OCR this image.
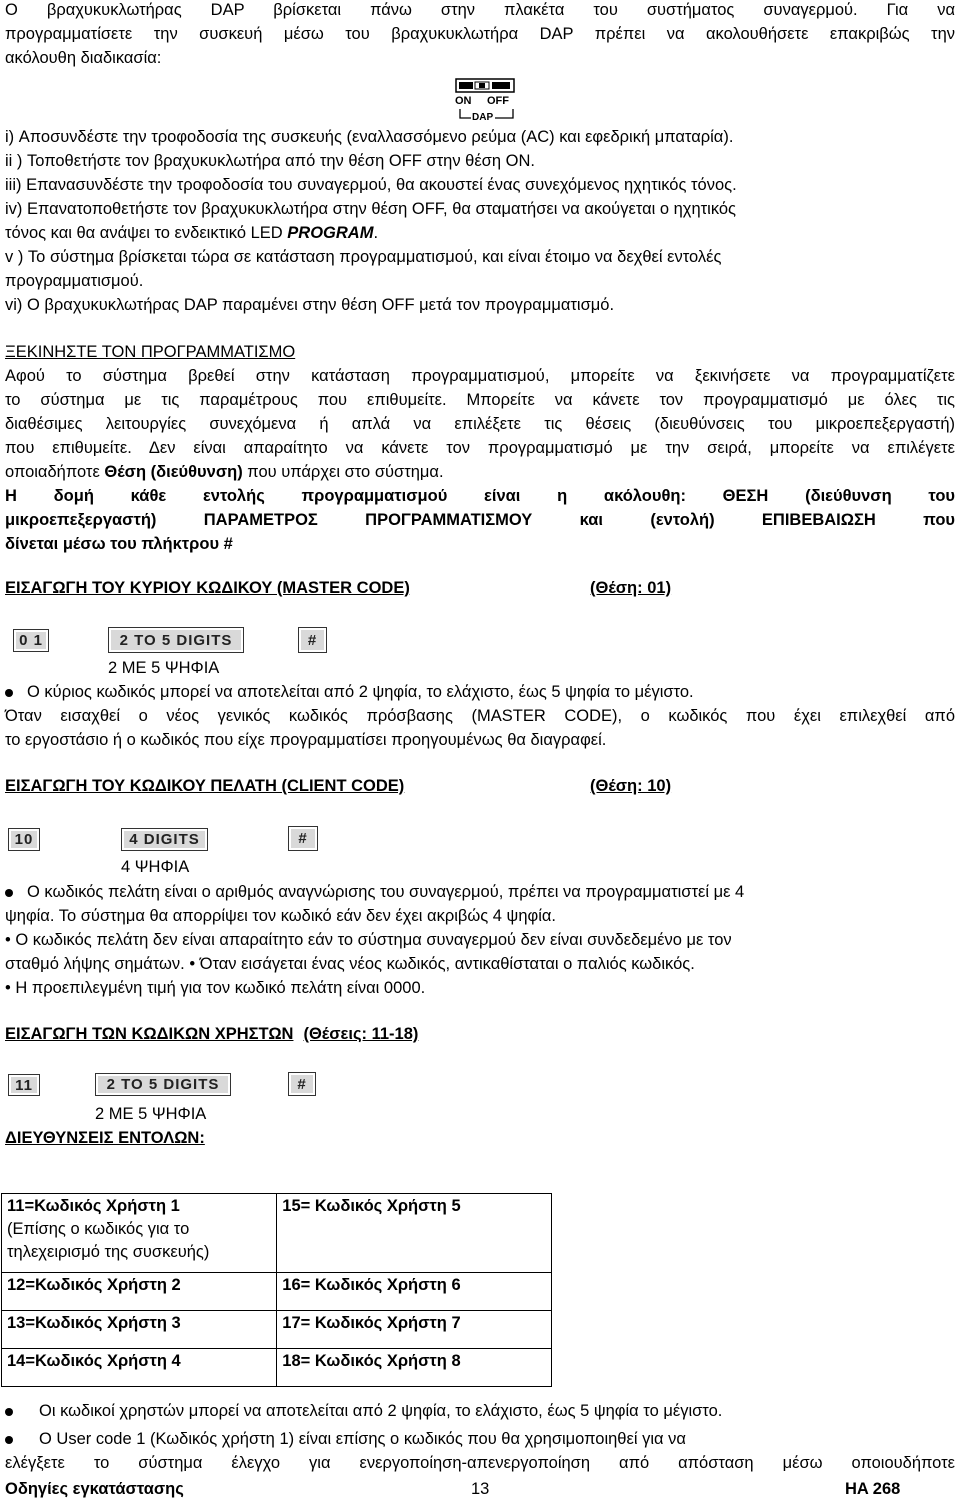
Ο βραχυκυκλωτήρας DAP βρίσκεται πάνω στην πλακέτα του συστήματος συναγερμού. Για να
προγραμματίσετε την συσκευή μέσω του βραχυκυκλωτήρα DAP πρέπει να ακολουθήσετε επακριβώς την
ακόλουθη διαδικασία:
ON OFF
DAP
i) Αποσυνδέστε την τροφοδοσία της συσκευής (εναλλασσόμενο ρεύμα (AC) και εφεδρική μπαταρία).
ii ) Τοποθετήστε τον βραχυκυκλωτήρα από την θέση OFF στην θέση ON.
iii) Επανασυνδέστε την τροφοδοσία του συναγερμού, θα ακουστεί ένας συνεχόμενος ηχητικός τόνος.
iv) Επανατοποθετήστε τον βραχυκυκλωτήρα στην θέση OFF, θα σταματήσει να ακούγεται ο ηχητικός
τόνος και θα ανάψει το ενδεικτικό LED PROGRAM.
v ) Το σύστημα βρίσκεται τώρα σε κατάσταση προγραμματισμού, και είναι έτοιμο να δεχθεί εντολές
προγραμματισμού.
vi) Ο βραχυκυκλωτήρας DAP παραμένει στην θέση OFF μετά τον προγραμματισμό.
ΞΕΚΙΝΗΣΤΕ ΤΟΝ ΠΡΟΓΡΑΜΜΑΤΙΣΜΟ
Αφού το σύστημα βρεθεί στην κατάσταση προγραμματισμού, μπορείτε να ξεκινήσετε να προγραμματίζετε
το σύστημα με τις παραμέτρους που επιθυμείτε. Μπορείτε να κάνετε τον προγραμματισμό με όλες τις
διαθέσιμες λειτουργίες συνεχόμενα ή απλά να επιλέξετε τις θέσεις (διευθύνσεις του μικροεπεξεργαστή)
που επιθυμείτε. Δεν είναι απαραίτητο να κάνετε τον προγραμματισμό με την σειρά, μπορείτε να επιλέγετε
οποιαδήποτε Θέση (διεύθυνση) που υπάρχει στο σύστημα.
Η δομή κάθε εντολής προγραμματισμού είναι η ακόλουθη: ΘΕΣΗ (διεύθυνση του
μικροεπεξεργαστή) ΠΑΡΑΜΕΤΡΟΣ ΠΡΟΓΡΑΜΜΑΤΙΣΜΟΥ και (εντολή) ΕΠΙΒΕΒΑΙΩΣΗ που
δίνεται μέσω του πλήκτρου #
ΕΙΣΑΓΩΓΗ ΤΟΥ ΚΥΡΙΟΥ ΚΩΔΙΚΟΥ (MASTER CODE)	(Θέση: 01)
0 1	2 TO 5 DIGITS	#
2 ΜΕ 5 ΨΗΦΙΑ
Ο κύριος κωδικός μπορεί να αποτελείται από 2 ψηφία, το ελάχιστο, έως 5 ψηφία το μέγιστο.
Όταν εισαχθεί ο νέος γενικός κωδικός πρόσβασης (MASTER CODE), ο κωδικός που έχει επιλεχθεί από
το εργοστάσιο ή ο κωδικός που είχε προγραμματίσει προηγουμένως θα διαγραφεί.
ΕΙΣΑΓΩΓΗ ΤΟΥ ΚΩΔΙΚΟΥ ΠΕΛΑΤΗ (CLIENT CODE)	(Θέση: 10)
10	4 DIGITS	#
4 ΨΗΦΙΑ
Ο κωδικός πελάτη είναι ο αριθμός αναγνώρισης του συναγερμού, πρέπει να προγραμματιστεί με 4
ψηφία. Το σύστημα θα απορρίψει τον κωδικό εάν δεν έχει ακριβώς 4 ψηφία.
• Ο κωδικός πελάτη δεν είναι απαραίτητο εάν το σύστημα συναγερμού δεν είναι συνδεδεμένο με τον
σταθμό λήψης σημάτων. • Όταν εισάγεται ένας νέος κωδικός, αντικαθίσταται ο παλιός κωδικός.
• Η προεπιλεγμένη τιμή για τον κωδικό πελάτη είναι 0000.
ΕΙΣΑΓΩΓΗ ΤΩΝ ΚΩΔΙΚΩΝ ΧΡΗΣΤΩΝ (Θέσεις: 11-18)
11	2 TO 5 DIGITS	#
2 ΜΕ 5 ΨΗΦΙΑ
ΔΙΕΥΘΥΝΣΕΙΣ ΕΝΤΟΛΩΝ:
11=Κωδικός Χρήστη 1
(Επίσης ο κωδικός για το
τηλεχειρισμό της συσκευής)	15= Κωδικός Χρήστη 5
12=Κωδικός Χρήστη 2	16= Κωδικός Χρήστη 6
13=Κωδικός Χρήστη 3	17= Κωδικός Χρήστη 7
14=Κωδικός Χρήστη 4	18= Κωδικός Χρήστη 8
Οι κωδικοί χρηστών μπορεί να αποτελείται από 2 ψηφία, το ελάχιστο, έως 5 ψηφία το μέγιστο.
Ο User code 1 (Κωδικός χρήστη 1) είναι επίσης ο κωδικός που θα χρησιμοποιηθεί για να
ελέγξετε το σύστημα έλεγχο για ενεργοποίηση-απενεργοποίηση από απόσταση μέσω οποιουδήποτε
Οδηγίες εγκατάστασης	13	HA 268
